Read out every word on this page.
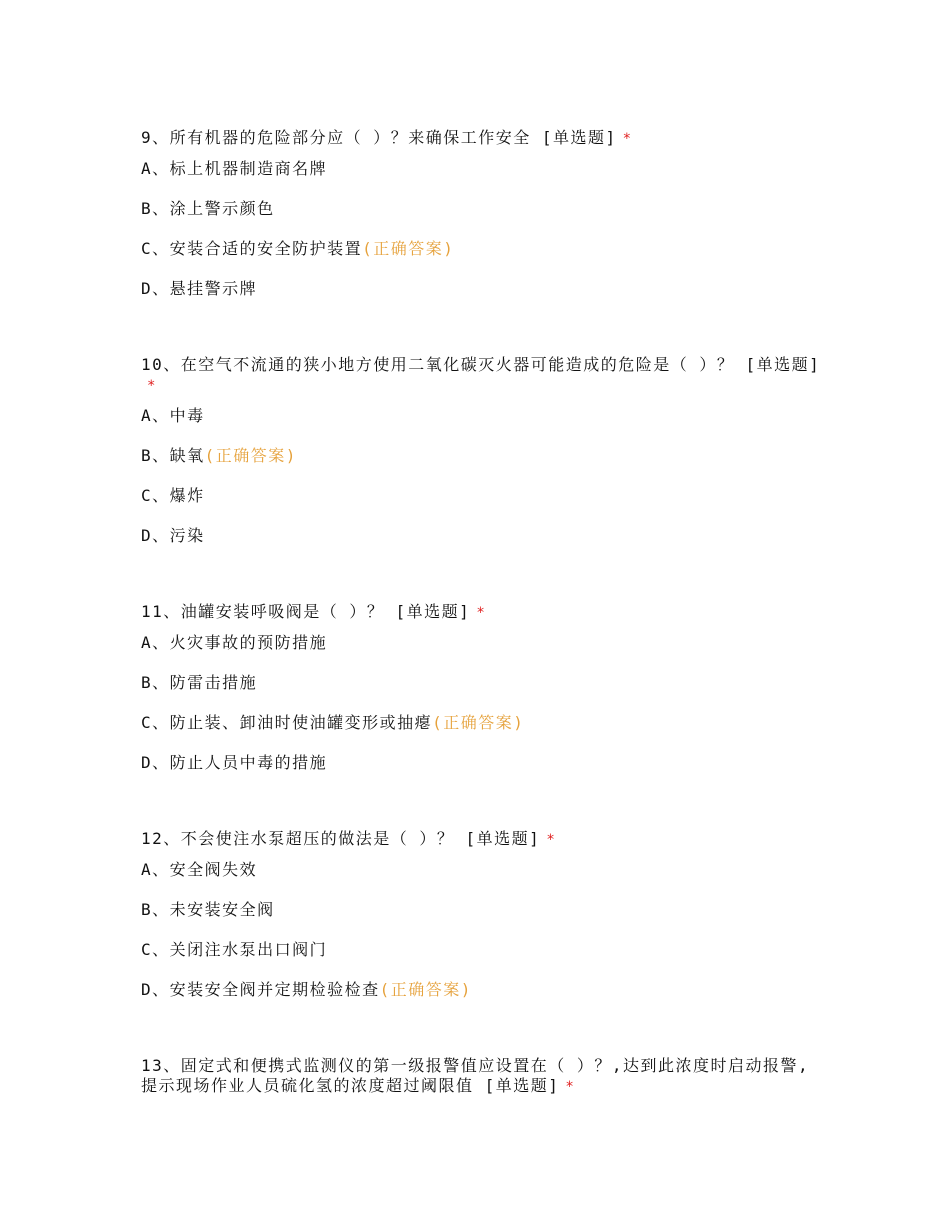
9、所有机器的危险部分应（ ）？来确保工作安全 [单选题] *
A、标上机器制造商名牌
B、涂上警示颜色
C、安装合适的安全防护装置(正确答案)
D、悬挂警示牌
10、在空气不流通的狭小地方使用二氧化碳灭火器可能造成的危险是（ ）？ [单选题]*
A、中毒
B、缺氧(正确答案)
C、爆炸
D、污染
11、油罐安装呼吸阀是（ ）？ [单选题] *
A、火灾事故的预防措施
B、防雷击措施
C、防止装、卸油时使油罐变形或抽瘪(正确答案)
D、防止人员中毒的措施
12、不会使注水泵超压的做法是（ ）？ [单选题] *
A、安全阀失效
B、未安装安全阀
C、关闭注水泵出口阀门
D、安装安全阀并定期检验检查(正确答案)
13、固定式和便携式监测仪的第一级报警值应设置在（ ）？,达到此浓度时启动报警,提示现场作业人员硫化氢的浓度超过阈限值 [单选题] *
